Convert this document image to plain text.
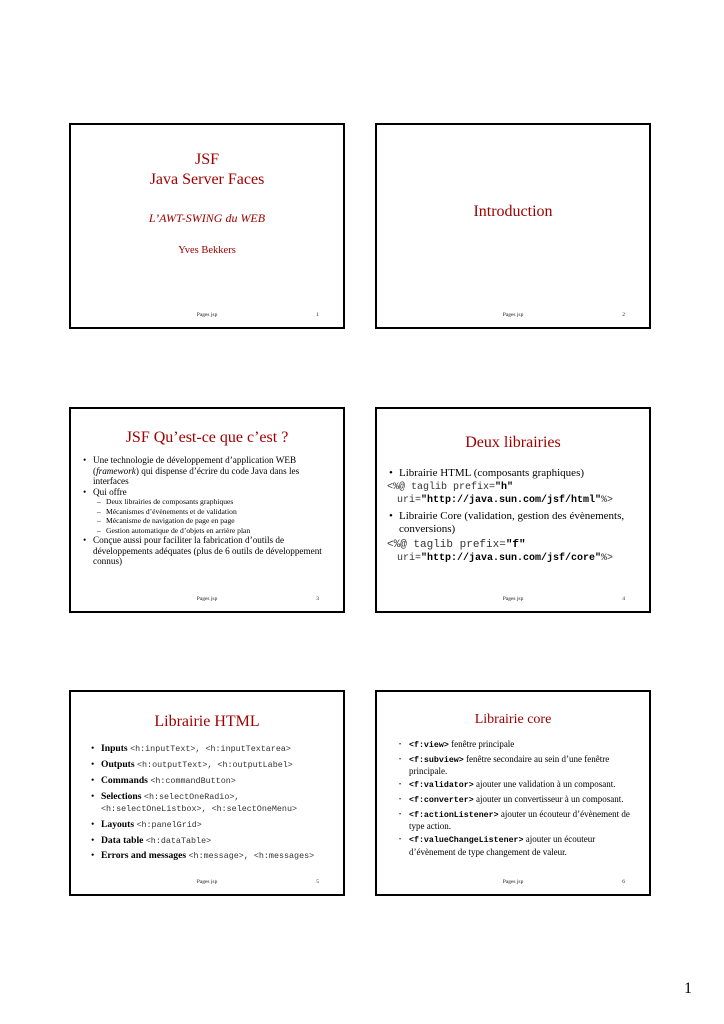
JSF
Java Server Faces
L’AWT-SWING du WEB
Yves Bekkers
Pages jsp	1
Introduction
Pages jsp	2
JSF Qu’est-ce que c’est ?
• Une technologie de développement d’application WEB (framework) qui dispense d’écrire du code Java dans les interfaces
• Qui offre
– Deux librairies de composants graphiques
– Mécanismes d’évènements et de validation
– Mécanisme de navigation de page en page
– Gestion automatique de d’objets en arrière plan
• Conçue aussi pour faciliter la fabrication d’outils de développements adéquates (plus de 6 outils de développement connus)
Pages jsp	3
Deux librairies
• Librairie HTML (composants graphiques)
<%@ taglib prefix="h"
uri="http://java.sun.com/jsf/html"%>
• Librairie Core (validation, gestion des évènements, conversions)
<%@ taglib prefix="f"
uri="http://java.sun.com/jsf/core"%>
Pages jsp	4
Librairie HTML
• Inputs <h:inputText>, <h:inputTextarea>
• Outputs <h:outputText>, <h:outputLabel>
• Commands <h:commandButton>
• Selections <h:selectOneRadio>, <h:selectOneListbox>, <h:selectOneMenu>
• Layouts <h:panelGrid>
• Data table <h:dataTable>
• Errors and messages <h:message>, <h:messages>
Pages jsp	5
Librairie core
• <f:view> fenêtre principale
• <f:subview> fenêtre secondaire au sein d’une fenêtre principale.
• <f:validator> ajouter une validation à un composant.
• <f:converter> ajouter un convertisseur à un composant.
• <f:actionListener> ajouter un écouteur d’évènement de type action.
• <f:valueChangeListener> ajouter un écouteur d’évènement de type changement de valeur.
Pages jsp	6
1
